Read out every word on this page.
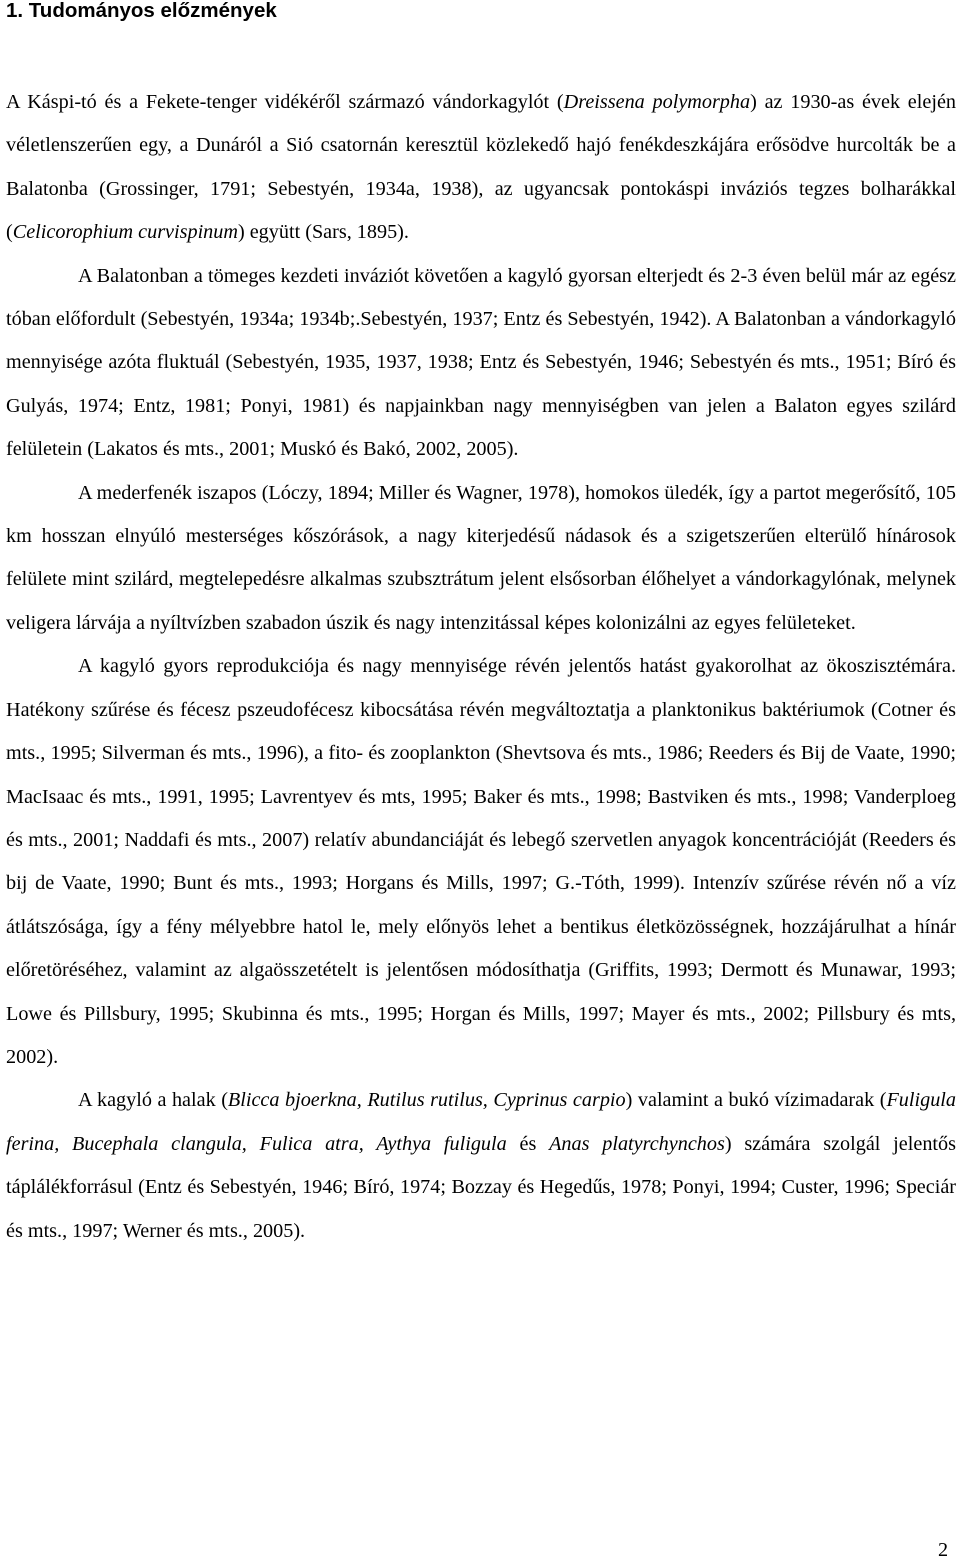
1. Tudományos előzmények

A Káspi-tó és a Fekete-tenger vidékéről származó vándorkagylót (Dreissena polymorpha) az 1930-as évek elején véletlenszerűen egy, a Dunáról a Sió csatornán keresztül közlekedő hajó fenékdeszkájára erősödve hurcolták be a Balatonba (Grossinger, 1791; Sebestyén, 1934a, 1938), az ugyancsak pontokáspi inváziós tegzes bolharákkal (Celicorophium curvispinum) együtt (Sars, 1895).

A Balatonban a tömeges kezdeti inváziót követően a kagyló gyorsan elterjedt és 2-3 éven belül már az egész tóban előfordult (Sebestyén, 1934a; 1934b;.Sebestyén, 1937; Entz és Sebestyén, 1942). A Balatonban a vándorkagyló mennyisége azóta fluktuál (Sebestyén, 1935, 1937, 1938; Entz és Sebestyén, 1946; Sebestyén és mts., 1951; Bíró és Gulyás, 1974; Entz, 1981; Ponyi, 1981) és napjainkban nagy mennyiségben van jelen a Balaton egyes szilárd felületein (Lakatos és mts., 2001; Muskó és Bakó, 2002, 2005).

A mederfenék iszapos (Lóczy, 1894; Miller és Wagner, 1978), homokos üledék, így a partot megerősítő, 105 km hosszan elnyúló mesterséges kőszórások, a nagy kiterjedésű nádasok és a szigetszerűen elterülő hínárosok felülete mint szilárd, megtelepedésre alkalmas szubsztrátum jelent elsősorban élőhelyet a vándorkagylónak, melynek veligera lárvája a nyíltvízben szabadon úszik és nagy intenzitással képes kolonizálni az egyes felületeket.

A kagyló gyors reprodukciója és nagy mennyisége révén jelentős hatást gyakorolhat az ökoszisztémára. Hatékony szűrése és fécesz pszeudofécesz kibocsátása révén megváltoztatja a planktonikus baktériumok (Cotner és mts., 1995; Silverman és mts., 1996), a fito- és zooplankton (Shevtsova és mts., 1986; Reeders és Bij de Vaate, 1990; MacIsaac és mts., 1991, 1995; Lavrentyev és mts, 1995; Baker és mts., 1998; Bastviken és mts., 1998; Vanderploeg és mts., 2001; Naddafi és mts., 2007) relatív abundanciáját és lebegő szervetlen anyagok koncentrációját (Reeders és bij de Vaate, 1990; Bunt és mts., 1993; Horgans és Mills, 1997; G.-Tóth, 1999). Intenzív szűrése révén nő a víz átlátszósága, így a fény mélyebbre hatol le, mely előnyös lehet a bentikus életközösségnek, hozzájárulhat a hínár előretöréséhez, valamint az algaösszetételt is jelentősen módosíthatja (Griffits, 1993; Dermott és Munawar, 1993; Lowe és Pillsbury, 1995; Skubinna és mts., 1995; Horgan és Mills, 1997; Mayer és mts., 2002; Pillsbury és mts, 2002).

A kagyló a halak (Blicca bjoerkna, Rutilus rutilus, Cyprinus carpio) valamint a bukó vízimadarak (Fuligula ferina, Bucephala clangula, Fulica atra, Aythya fuligula és Anas platyrchynchos) számára szolgál jelentős táplálékforrásul (Entz és Sebestyén, 1946; Bíró, 1974; Bozzay és Hegedűs, 1978; Ponyi, 1994; Custer, 1996; Speciár és mts., 1997; Werner és mts., 2005).

2
